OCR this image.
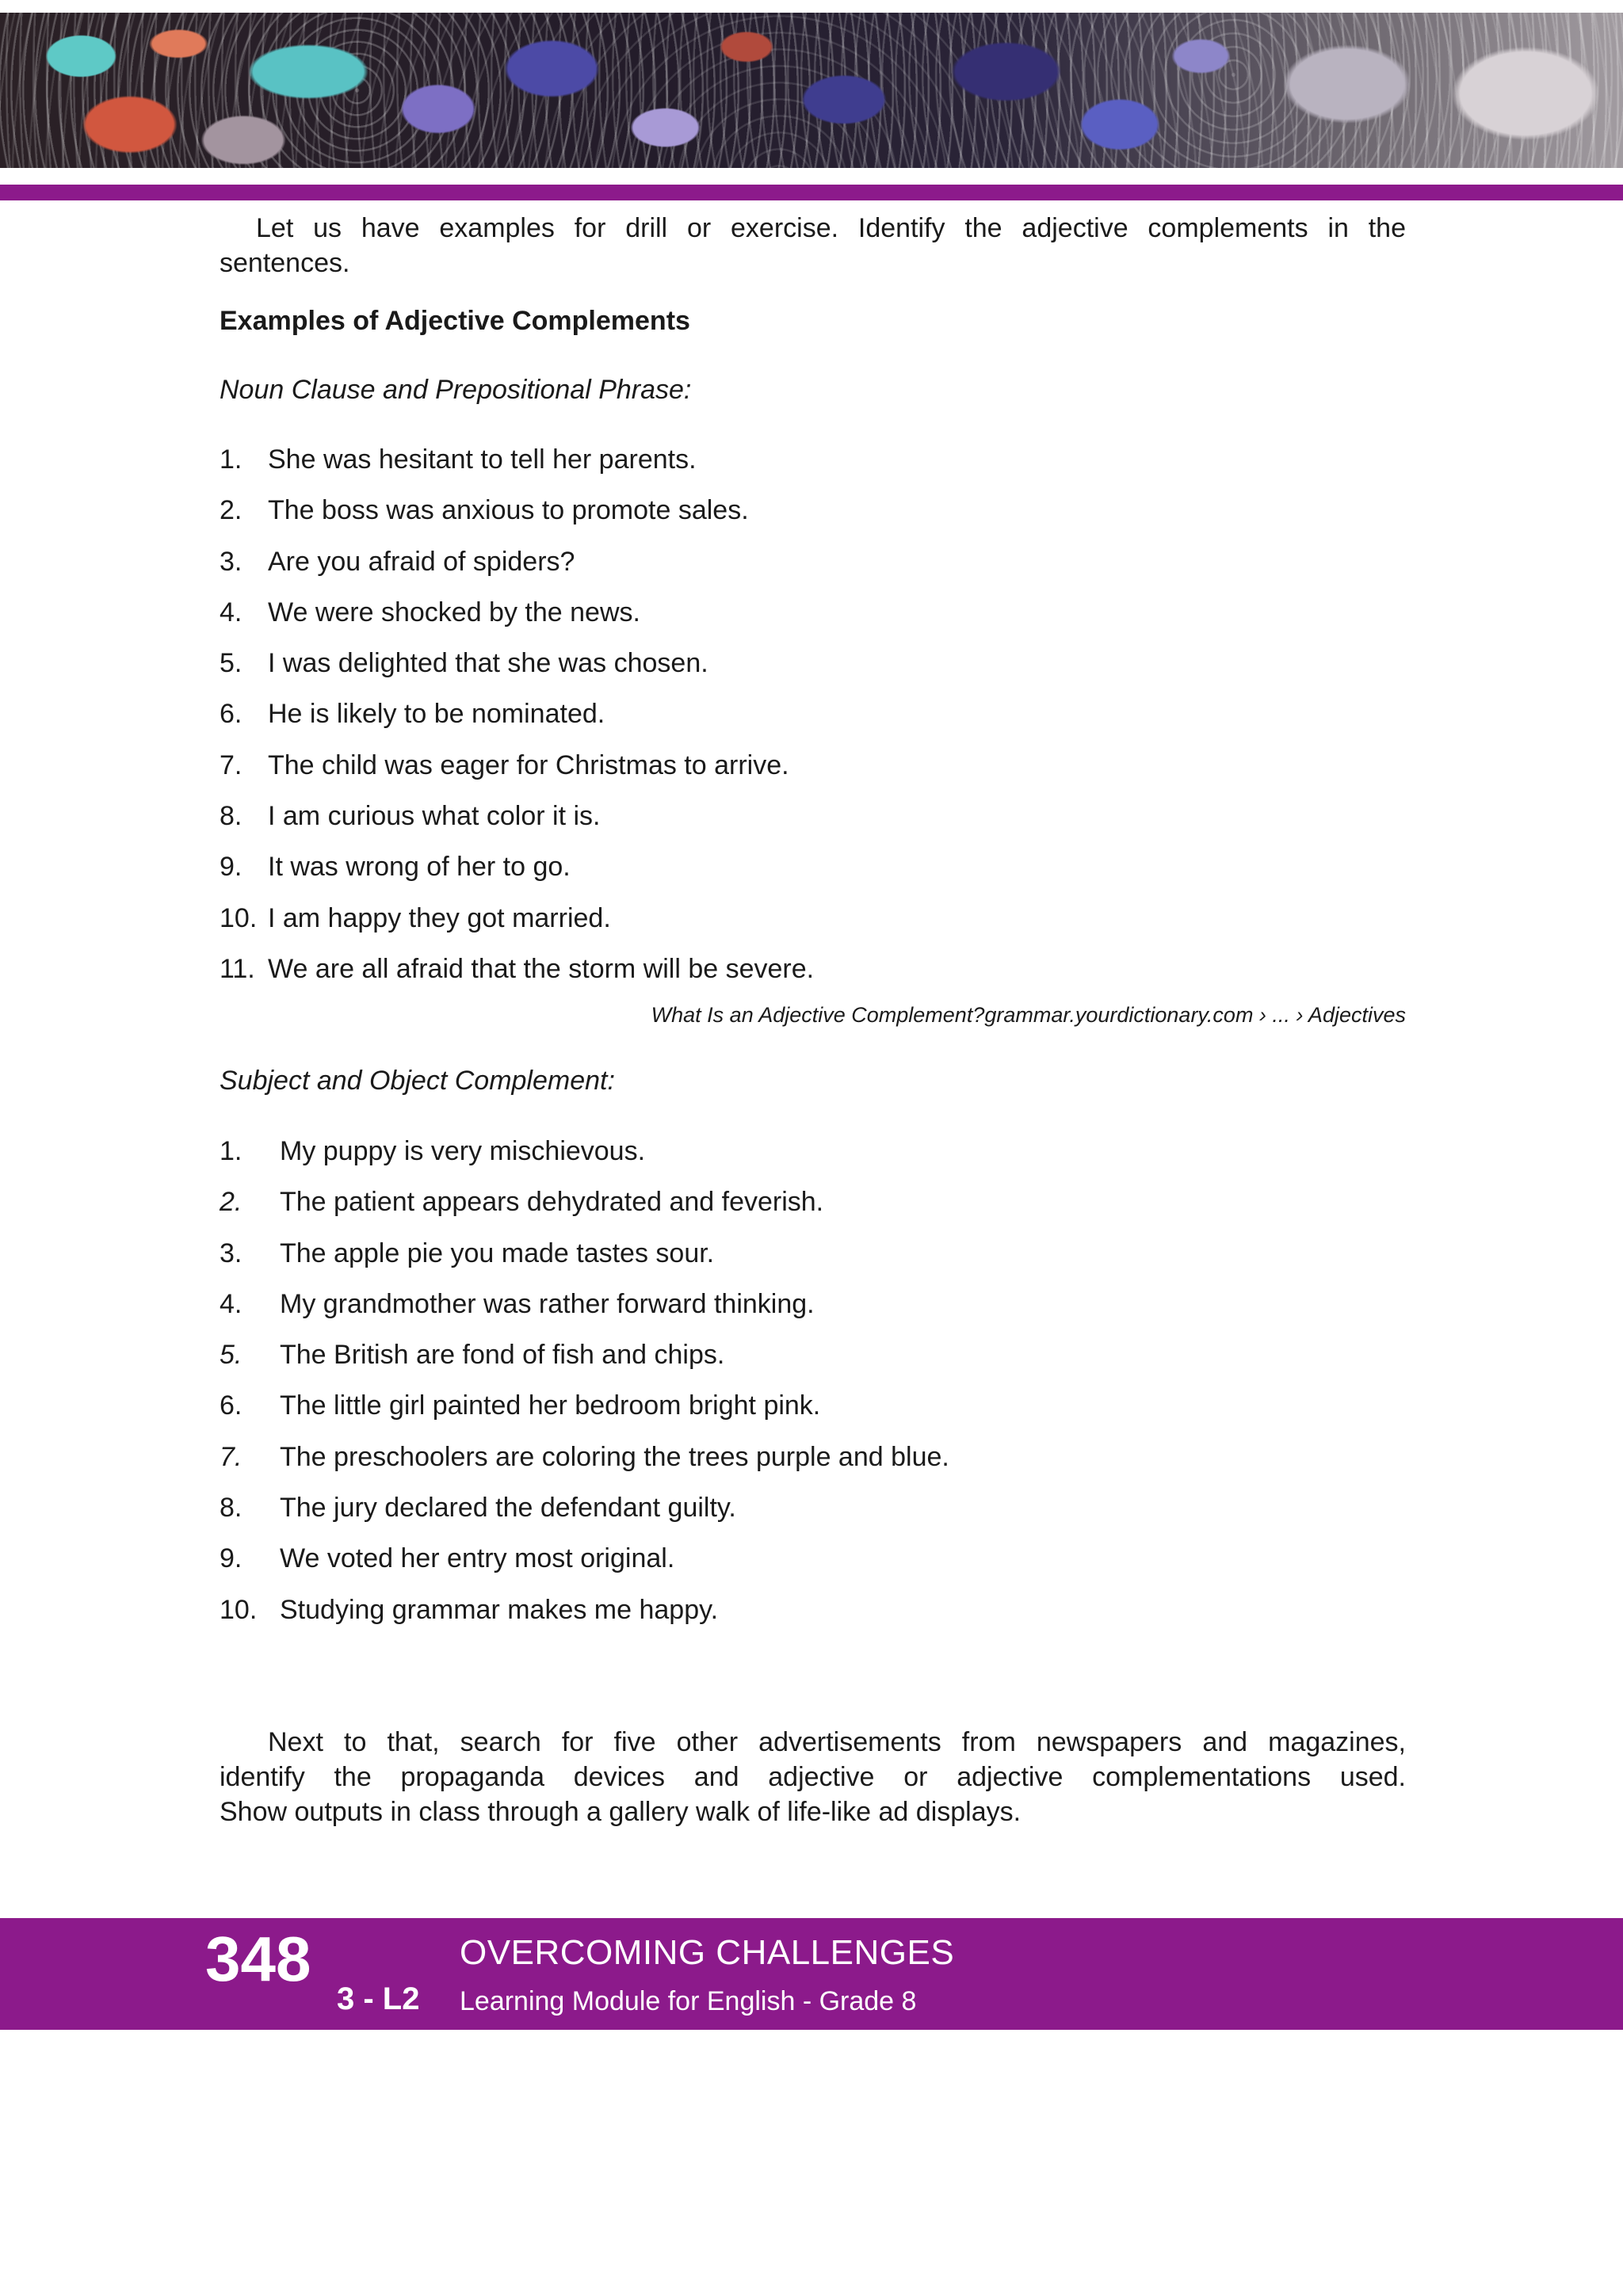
Let us have examples for drill or exercise. Identify the adjective complements in the
sentences.
Examples of Adjective Complements
Noun Clause and Prepositional Phrase:
1. She was hesitant to tell her parents.
2. The boss was anxious to promote sales.
3. Are you afraid of spiders?
4. We were shocked by the news.
5. I was delighted that she was chosen.
6. He is likely to be nominated.
7. The child was eager for Christmas to arrive.
8. I am curious what color it is.
9. It was wrong of her to go.
10. I am happy they got married.
11. We are all afraid that the storm will be severe.
What Is an Adjective Complement?grammar.yourdictionary.com › ... › Adjectives
Subject and Object Complement:
1.	My puppy is very mischievous.
2.	The patient appears dehydrated and feverish.
3.	The apple pie you made tastes sour.
4.	My grandmother was rather forward thinking.
5.	The British are fond of fish and chips.
6.	The little girl painted her bedroom bright pink.
7.	The preschoolers are coloring the trees purple and blue.
8.	The jury declared the defendant guilty.
9.	We voted her entry most original.
10. Studying grammar makes me happy.
Next to that, search for five other advertisements from newspapers and magazines,
identify the propaganda devices and adjective or adjective complementations used.
Show outputs in class through a gallery walk of life-like ad displays.
348
3 - L2
OVERCOMING CHALLENGES
Learning Module for English - Grade 8
